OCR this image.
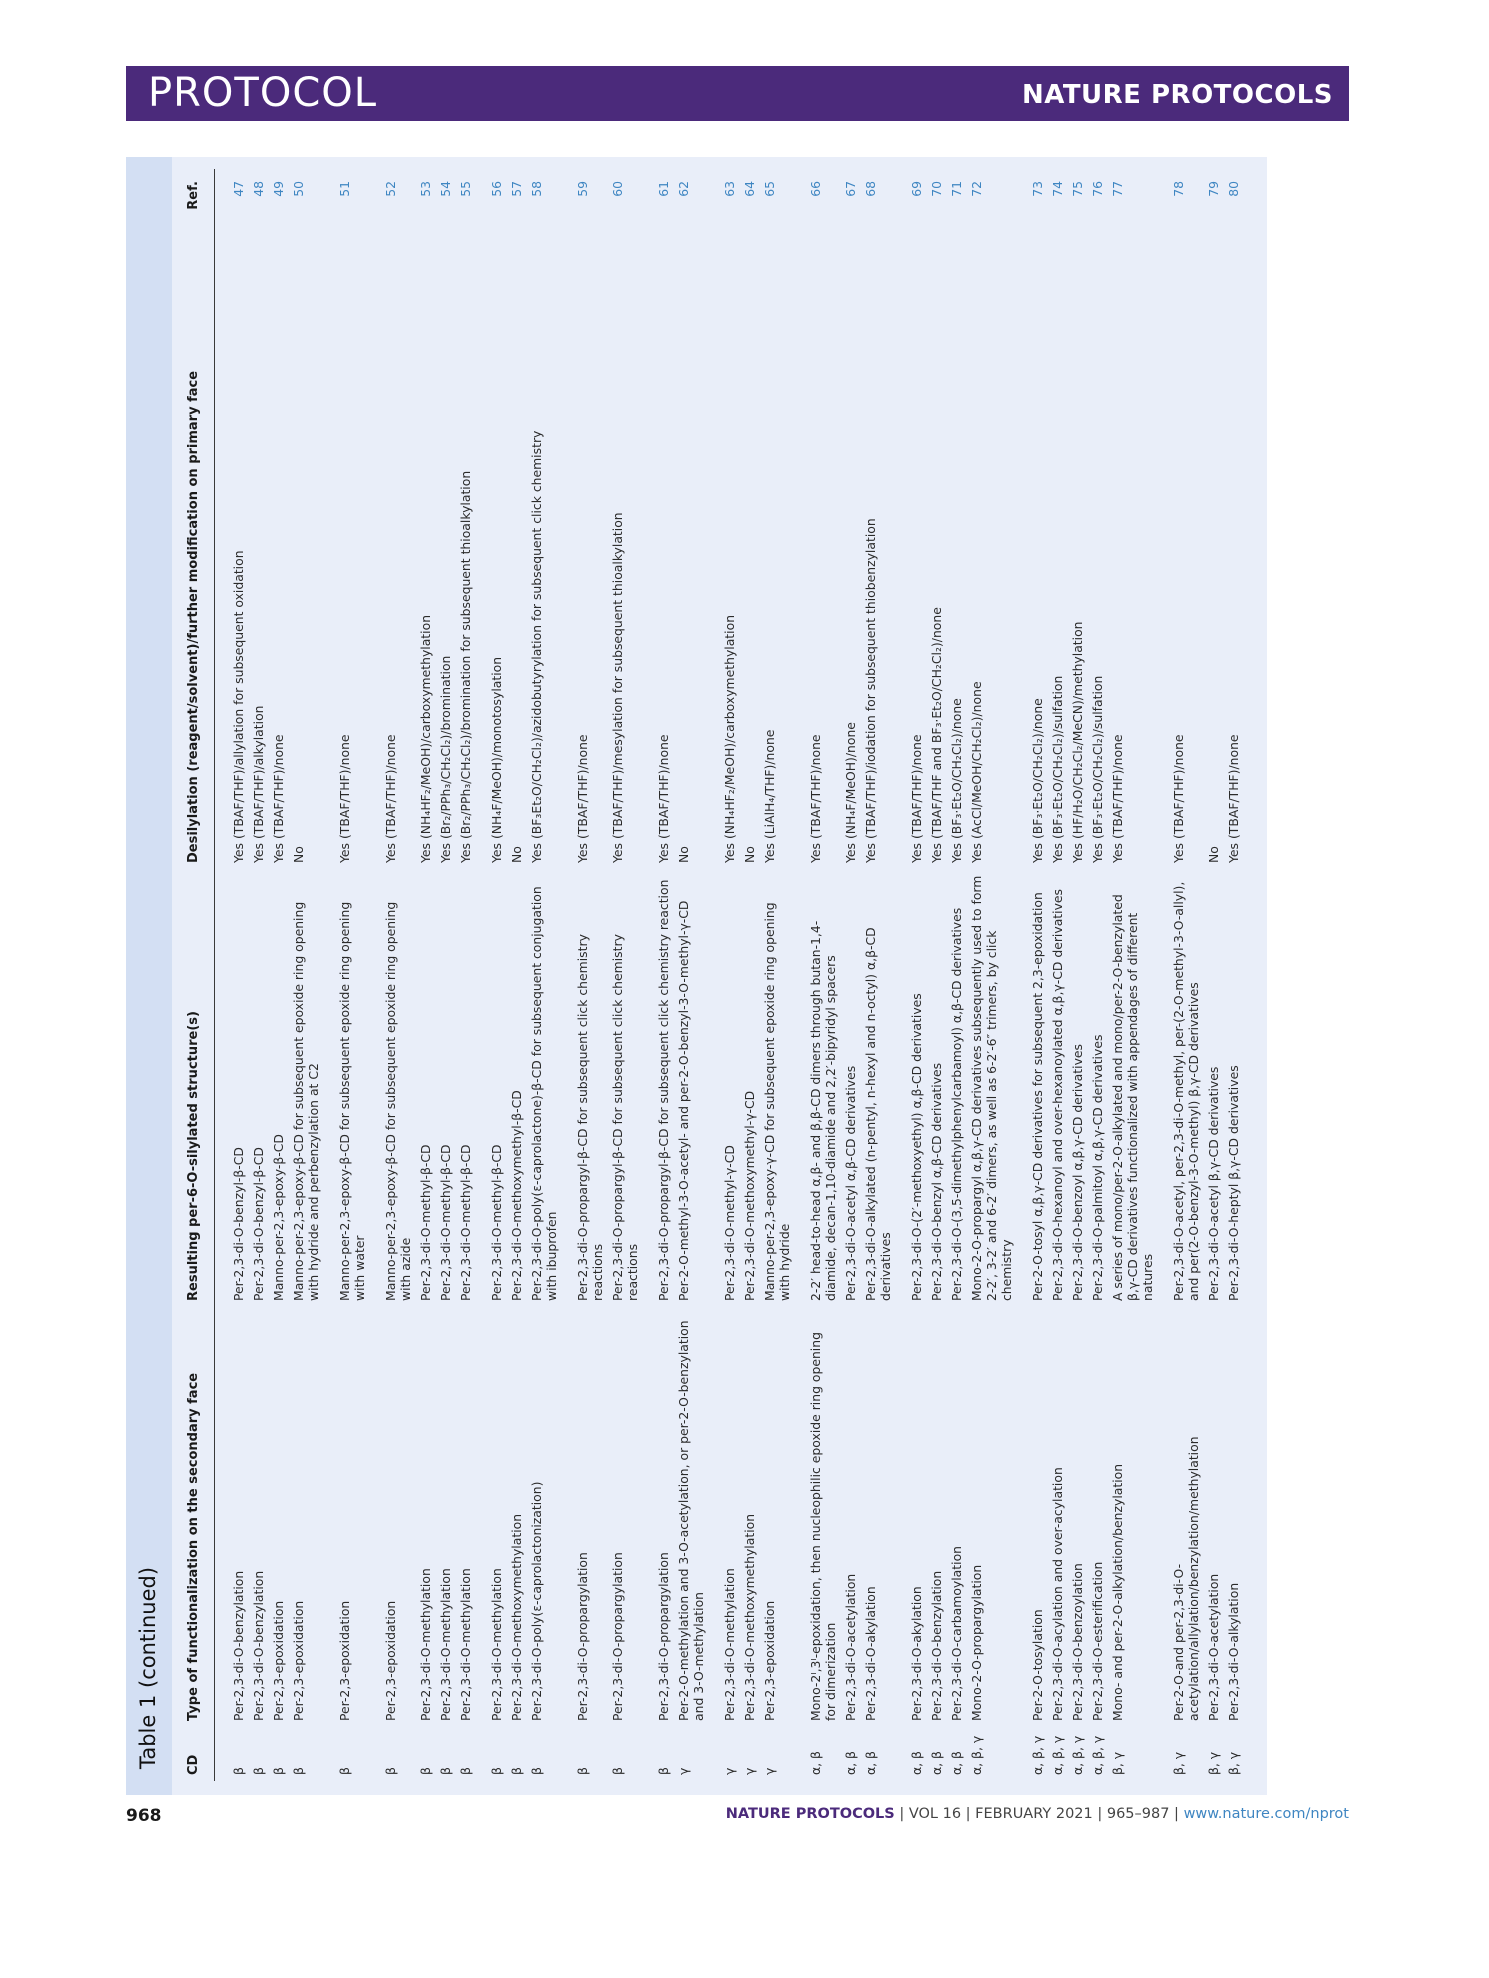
PROTOCOL	NATURE PROTOCOLS
Table 1 (continued) CD	Type of functionalization on the secondary face	Resulting per-6-O-silylated structure(s)	Desilylation (reagent/solvent)/further modification on primary face	Ref.
β	Per-2,3-di-O-benzylation	Per-2,3-di-O-benzyl-β-CD	Yes (TBAF/THF)/allylation for subsequent oxidation	47
β	Per-2,3-di-O-benzylation	Per-2,3-di-O-benzyl-β-CD	Yes (TBAF/THF)/alkylation	48
β	Per-2,3-epoxidation	Manno-per-2,3-epoxy-β-CD	Yes (TBAF/THF)/none	49
β	Per-2,3-epoxidation	Manno-per-2,3-epoxy-β-CD for subsequent epoxide ring opening with hydride and perbenzylation at C2	No	50
β	Per-2,3-epoxidation	Manno-per-2,3-epoxy-β-CD for subsequent epoxide ring opening with water	Yes (TBAF/THF)/none	51
β	Per-2,3-epoxidation	Manno-per-2,3-epoxy-β-CD for subsequent epoxide ring opening with azide	Yes (TBAF/THF)/none	52
β	Per-2,3-di-O-methylation	Per-2,3-di-O-methyl-β-CD	Yes (NH₄HF₂/MeOH)/carboxymethylation	53
β	Per-2,3-di-O-methylation	Per-2,3-di-O-methyl-β-CD	Yes (Br₂/PPh₃/CH₂Cl₂)/bromination	54
β	Per-2,3-di-O-methylation	Per-2,3-di-O-methyl-β-CD	Yes (Br₂/PPh₃/CH₂Cl₂)/bromination for subsequent thioalkylation	55
β	Per-2,3-di-O-methylation	Per-2,3-di-O-methyl-β-CD	Yes (NH₄F/MeOH)/monotosylation	56
β	Per-2,3-di-O-methoxymethylation	Per-2,3-di-O-methoxymethyl-β-CD	No	57
β	Per-2,3-di-O-poly(ε-caprolactonization)	Per-2,3-di-O-poly(ε-caprolactone)-β-CD for subsequent conjugation with ibuprofen	Yes (BF₃Et₂O/CH₂Cl₂)/azidobutyrylation for subsequent click chemistry	58
β	Per-2,3-di-O-propargylation	Per-2,3-di-O-propargyl-β-CD for subsequent click chemistry reactions	Yes (TBAF/THF)/none	59
β	Per-2,3-di-O-propargylation	Per-2,3-di-O-propargyl-β-CD for subsequent click chemistry reactions	Yes (TBAF/THF)/mesylation for subsequent thioalkylation	60
β	Per-2,3-di-O-propargylation	Per-2,3-di-O-propargyl-β-CD for subsequent click chemistry reaction	Yes (TBAF/THF)/none	61
γ	Per-2-O-methylation and 3-O-acetylation, or per-2-O-benzylation and 3-O-methylation	Per-2-O-methyl-3-O-acetyl- and per-2-O-benzyl-3-O-methyl-γ-CD	No	62
γ	Per-2,3-di-O-methylation	Per-2,3-di-O-methyl-γ-CD	Yes (NH₄HF₂/MeOH)/carboxymethylation	63
γ	Per-2,3-di-O-methoxymethylation	Per-2,3-di-O-methoxymethyl-γ-CD	No	64
γ	Per-2,3-epoxidation	Manno-per-2,3-epoxy-γ-CD for subsequent epoxide ring opening with hydride	Yes (LiAlH₄/THF)/none	65
α, β	Mono-2ᴵ,3ᴵ-epoxidation, then nucleophilic epoxide ring opening for dimerization	2-2′ head-to-head α,β- and β,β-CD dimers through butan-1,4-diamide, decan-1,10-diamide and 2,2′-bipyridyl spacers	Yes (TBAF/THF)/none	66
α, β	Per-2,3-di-O-acetylation	Per-2,3-di-O-acetyl α,β-CD derivatives	Yes (NH₄F/MeOH)/none	67
α, β	Per-2,3-di-O-akylation	Per-2,3-di-O-alkylated (n-pentyl, n-hexyl and n-octyl) α,β-CD derivatives	Yes (TBAF/THF)/iodation for subsequent thiobenzylation	68
α, β	Per-2,3-di-O-akylation	Per-2,3-di-O-(2′-methoxyethyl) α,β-CD derivatives	Yes (TBAF/THF)/none	69
α, β	Per-2,3-di-O-benzylation	Per-2,3-di-O-benzyl α,β-CD derivatives	Yes (TBAF/THF and BF₃·Et₂O/CH₂Cl₂)/none	70
α, β	Per-2,3-di-O-carbamoylation	Per-2,3-di-O-(3,5-dimethylphenylcarbamoyl) α,β-CD derivatives	Yes (BF₃·Et₂O/CH₂Cl₂)/none	71
α, β, γ	Mono-2-O-propargylation	Mono-2-O-propargyl α,β,γ-CD derivatives subsequently used to form 2-2′, 3-2′ and 6-2′ dimers, as well as 6-2′-6″ trimers, by click chemistry	Yes (AcCl/MeOH/CH₂Cl₂)/none	72
α, β, γ	Per-2-O-tosylation	Per-2-O-tosyl α,β,γ-CD derivatives for subsequent 2,3-epoxidation	Yes (BF₃·Et₂O/CH₂Cl₂)/none	73
α, β, γ	Per-2,3-di-O-acylation and over-acylation	Per-2,3-di-O-hexanoyl and over-hexanoylated α,β,γ-CD derivatives	Yes (BF₃·Et₂O/CH₂Cl₂)/sulfation	74
α, β, γ	Per-2,3-di-O-benzoylation	Per-2,3-di-O-benzoyl α,β,γ-CD derivatives	Yes (HF/H₂O/CH₂Cl₂/MeCN)/methylation	75
α, β, γ	Per-2,3-di-O-esterification	Per-2,3-di-O-palmitoyl α,β,γ-CD derivatives	Yes (BF₃·Et₂O/CH₂Cl₂)/sulfation	76
β, γ	Mono- and per-2-O-alkylation/benzylation	A series of mono/per-2-O-alkylated and mono/per-2-O-benzylated β,γ-CD derivatives functionalized with appendages of different natures	Yes (TBAF/THF)/none	77
β, γ	Per-2-O-and per-2,3-di-O-acetylation/allylation/benzylation/methylation	Per-2,3-di-O-acetyl, per-2,3-di-O-methyl, per-(2-O-methyl-3-O-allyl), and per(2-O-benzyl-3-O-methyl) β,γ-CD derivatives	Yes (TBAF/THF)/none	78
β, γ	Per-2,3-di-O-acetylation	Per-2,3-di-O-acetyl β,γ-CD derivatives	No	79
β, γ	Per-2,3-di-O-alkylation	Per-2,3-di-O-heptyl β,γ-CD derivatives	Yes (TBAF/THF)/none	80
968	NATURE PROTOCOLS | VOL 16 | FEBRUARY 2021 | 965–987 | www.nature.com/nprot
